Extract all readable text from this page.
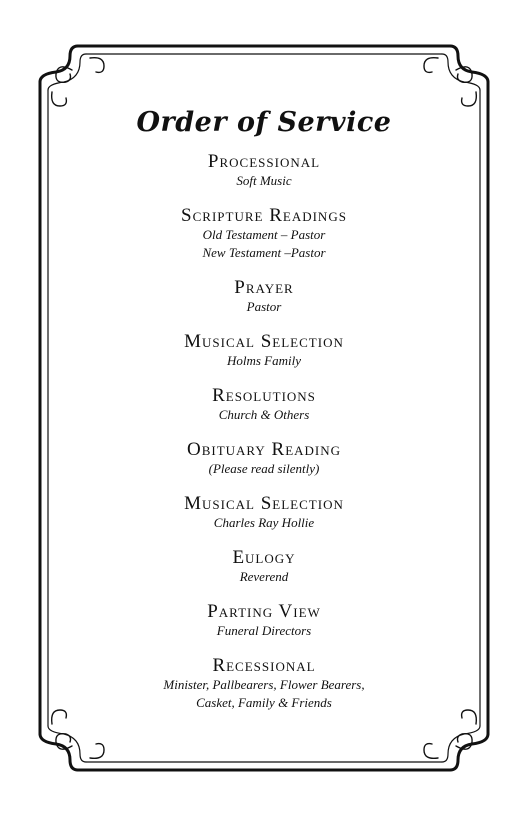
Order of Service
Processional
Soft Music
Scripture Readings
Old Testament – Pastor
New Testament –Pastor
Prayer
Pastor
Musical Selection
Holms Family
Resolutions
Church & Others
Obituary Reading
(Please read silently)
Musical Selection
Charles Ray Hollie
Eulogy
Reverend
Parting View
Funeral Directors
Recessional
Minister, Pallbearers, Flower Bearers,
Casket, Family & Friends
